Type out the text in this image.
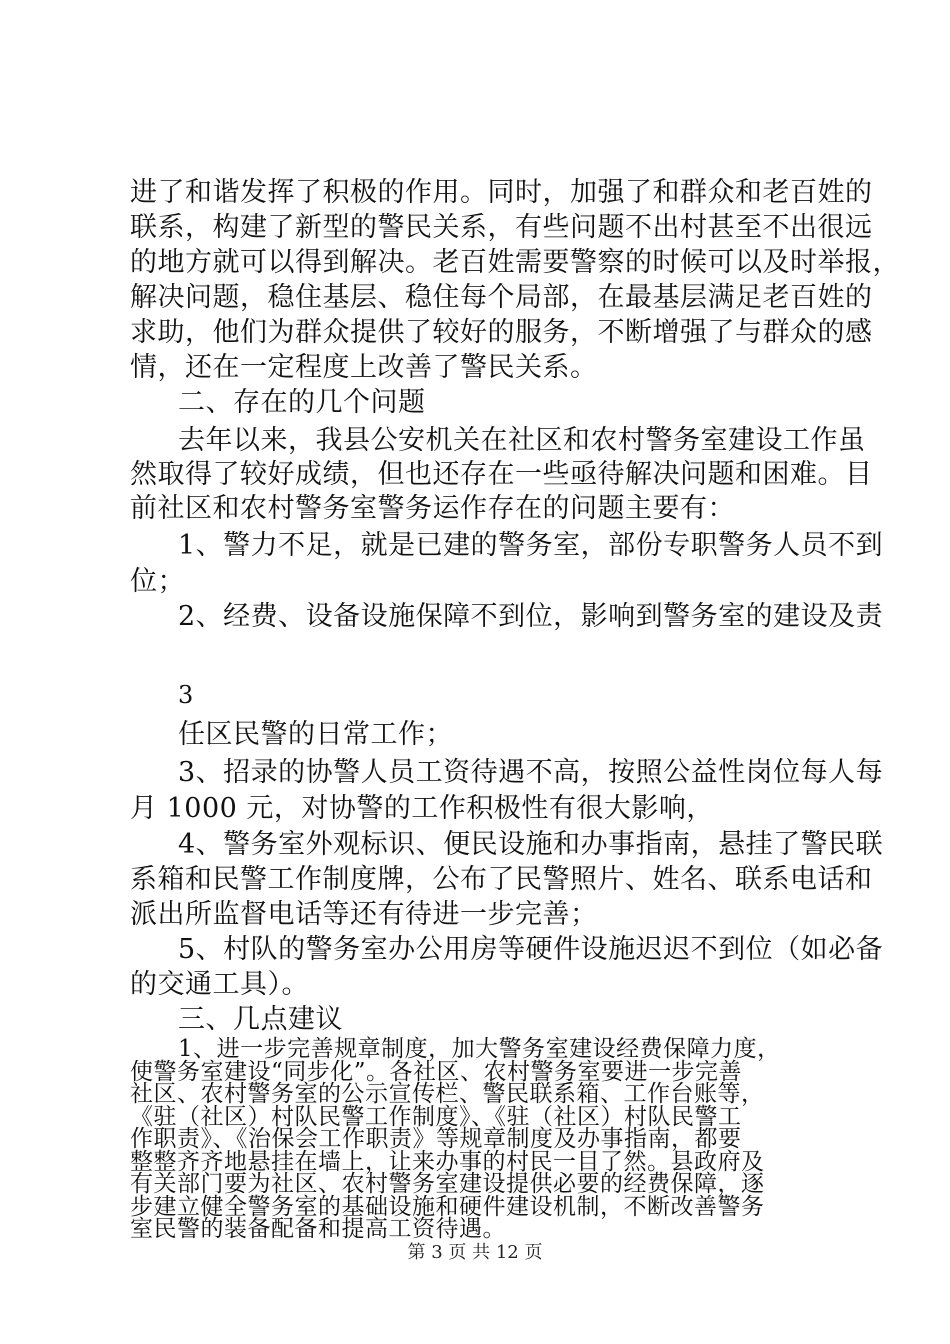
进了和谐发挥了积极的作用。同时，加强了和群众和老百姓的
联系，构建了新型的警民关系，有些问题不出村甚至不出很远
的地方就可以得到解决。老百姓需要警察的时候可以及时举报，
解决问题，稳住基层、稳住每个局部，在最基层满足老百姓的
求助，他们为群众提供了较好的服务，不断增强了与群众的感
情，还在一定程度上改善了警民关系。
二、存在的几个问题
去年以来，我县公安机关在社区和农村警务室建设工作虽
然取得了较好成绩，但也还存在一些亟待解决问题和困难。目
前社区和农村警务室警务运作存在的问题主要有：
1、警力不足，就是已建的警务室，部份专职警务人员不到
位；
2、经费、设备设施保障不到位，影响到警务室的建设及责
3
任区民警的日常工作；
3、招录的协警人员工资待遇不高，按照公益性岗位每人每
月 1000 元，对协警的工作积极性有很大影响，
4、警务室外观标识、便民设施和办事指南，悬挂了警民联
系箱和民警工作制度牌，公布了民警照片、姓名、联系电话和
派出所监督电话等还有待进一步完善；
5、村队的警务室办公用房等硬件设施迟迟不到位（如必备
的交通工具）。
三、几点建议
1、进一步完善规章制度，加大警务室建设经费保障力度，
使警务室建设“同步化”。各社区、农村警务室要进一步完善
社区、农村警务室的公示宣传栏、警民联系箱、工作台账等，
《驻（社区）村队民警工作制度》、《驻（社区）村队民警工
作职责》、《治保会工作职责》等规章制度及办事指南，都要
第 3 页 共 12 页
整整齐齐地悬挂在墙上，让来办事的村民一目了然。县政府及
有关部门要为社区、农村警务室建设提供必要的经费保障，逐
步建立健全警务室的基础设施和硬件建设机制，不断改善警务
室民警的装备配备和提高工资待遇。
